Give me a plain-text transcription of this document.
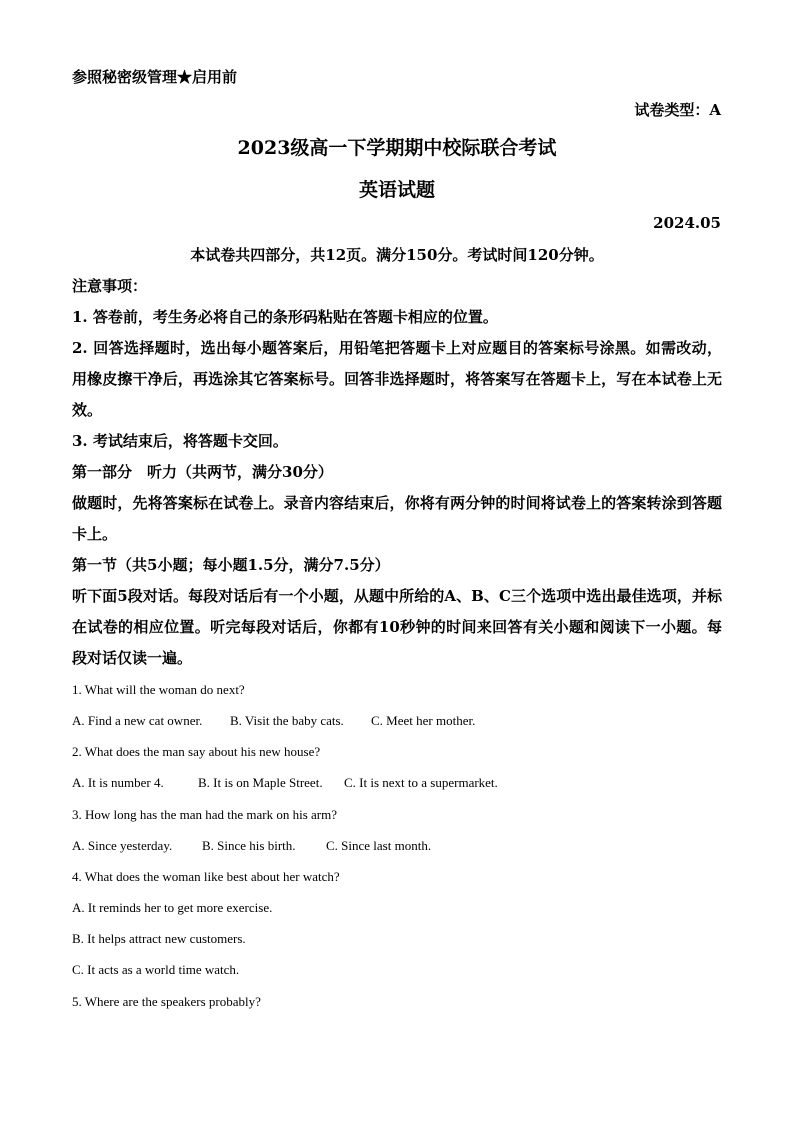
参照秘密级管理★启用前
试卷类型：A
2023级高一下学期期中校际联合考试
英语试题
2024.05
本试卷共四部分，共12页。满分150分。考试时间120分钟。
注意事项：
1. 答卷前，考生务必将自己的条形码粘贴在答题卡相应的位置。
2. 回答选择题时，选出每小题答案后，用铅笔把答题卡上对应题目的答案标号涂黑。如需改动，用橡皮擦干净后，再选涂其它答案标号。回答非选择题时，将答案写在答题卡上，写在本试卷上无效。
3. 考试结束后，将答题卡交回。
第一部分　听力（共两节，满分30分）
做题时，先将答案标在试卷上。录音内容结束后，你将有两分钟的时间将试卷上的答案转涂到答题卡上。
第一节（共5小题；每小题1.5分，满分7.5分）
听下面5段对话。每段对话后有一个小题，从题中所给的A、B、C三个选项中选出最佳选项，并标在试卷的相应位置。听完每段对话后，你都有10秒钟的时间来回答有关小题和阅读下一小题。每段对话仅读一遍。
1. What will the woman do next?
A. Find a new cat owner. B. Visit the baby cats. C. Meet her mother.
2. What does the man say about his new house?
A. It is number 4.	B. It is on Maple Street. C. It is next to a supermarket.
3. How long has the man had the mark on his arm?
A. Since yesterday. B. Since his birth. C. Since last month.
4. What does the woman like best about her watch?
A. It reminds her to get more exercise.
B. It helps attract new customers.
C. It acts as a world time watch.
5. Where are the speakers probably?
